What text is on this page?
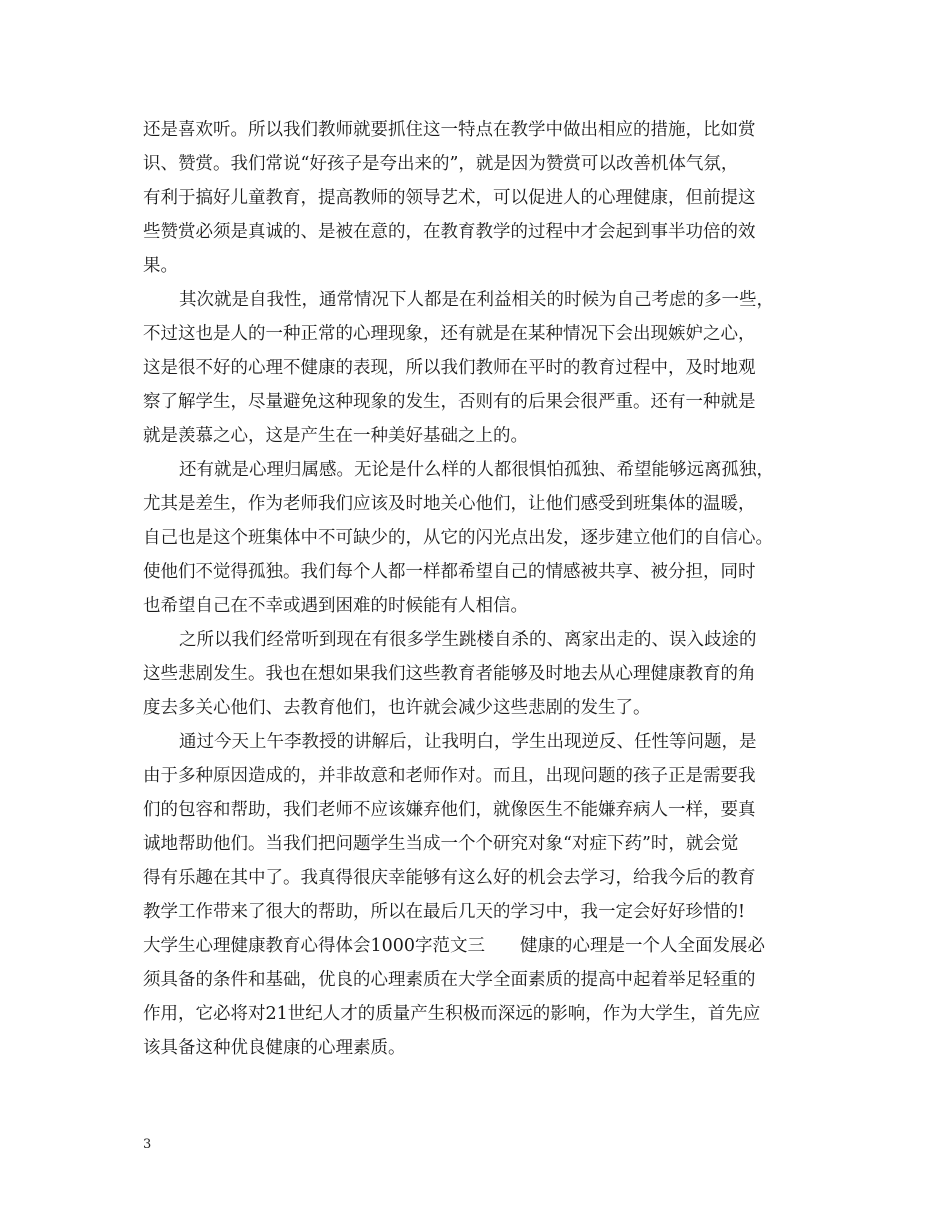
还是喜欢听。所以我们教师就要抓住这一特点在教学中做出相应的措施，比如赏
识、赞赏。我们常说“好孩子是夸出来的”，就是因为赞赏可以改善机体气氛，
有利于搞好儿童教育，提高教师的领导艺术，可以促进人的心理健康，但前提这
些赞赏必须是真诚的、是被在意的，在教育教学的过程中才会起到事半功倍的效
果。
其次就是自我性，通常情况下人都是在利益相关的时候为自己考虑的多一些，
不过这也是人的一种正常的心理现象，还有就是在某种情况下会出现嫉妒之心，
这是很不好的心理不健康的表现，所以我们教师在平时的教育过程中，及时地观
察了解学生，尽量避免这种现象的发生，否则有的后果会很严重。还有一种就是
就是羡慕之心，这是产生在一种美好基础之上的。
还有就是心理归属感。无论是什么样的人都很惧怕孤独、希望能够远离孤独，
尤其是差生，作为老师我们应该及时地关心他们，让他们感受到班集体的温暖，
自己也是这个班集体中不可缺少的，从它的闪光点出发，逐步建立他们的自信心。
使他们不觉得孤独。我们每个人都一样都希望自己的情感被共享、被分担，同时
也希望自己在不幸或遇到困难的时候能有人相信。
之所以我们经常听到现在有很多学生跳楼自杀的、离家出走的、误入歧途的
这些悲剧发生。我也在想如果我们这些教育者能够及时地去从心理健康教育的角
度去多关心他们、去教育他们，也许就会减少这些悲剧的发生了。
通过今天上午李教授的讲解后，让我明白，学生出现逆反、任性等问题，是
由于多种原因造成的，并非故意和老师作对。而且，出现问题的孩子正是需要我
们的包容和帮助，我们老师不应该嫌弃他们，就像医生不能嫌弃病人一样，要真
诚地帮助他们。当我们把问题学生当成一个个研究对象“对症下药”时，就会觉
得有乐趣在其中了。我真得很庆幸能够有这么好的机会去学习，给我今后的教育
教学工作带来了很大的帮助，所以在最后几天的学习中，我一定会好好珍惜的!
大学生心理健康教育心得体会1000字范文三　　健康的心理是一个人全面发展必
须具备的条件和基础，优良的心理素质在大学全面素质的提高中起着举足轻重的
作用，它必将对21世纪人才的质量产生积极而深远的影响，作为大学生，首先应
该具备这种优良健康的心理素质。
3
